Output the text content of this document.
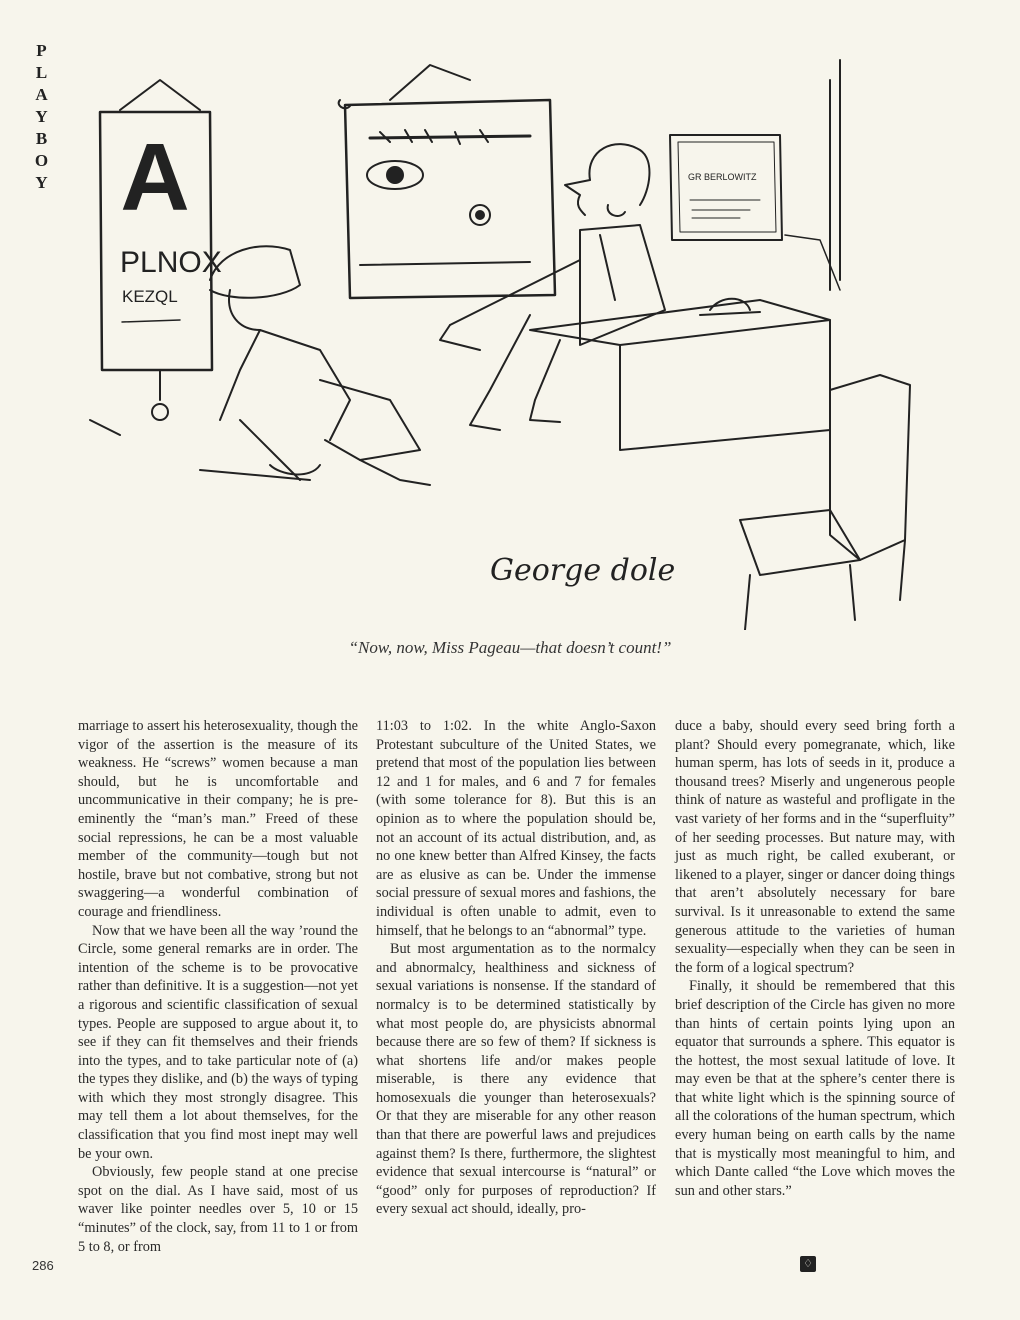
P
L
A
Y
B
O
Y A
PLNOX
KEZQL
GR BERLOWITZ
George dole
“Now, now, Miss Pageau—that doesn’t count!”

marriage to assert his heterosexuality, though the vigor of the assertion is the measure of its weakness. He “screws” women because a man should, but he is uncomfortable and uncommunicative in their company; he is pre-eminently the “man’s man.” Freed of these social repressions, he can be a most valuable member of the community—tough but not hostile, brave but not combative, strong but not swaggering—a wonderful combination of courage and friendliness.

Now that we have been all the way ’round the Circle, some general remarks are in order. The intention of the scheme is to be provocative rather than definitive. It is a suggestion—not yet a rigorous and scientific classification of sexual types. People are supposed to argue about it, to see if they can fit themselves and their friends into the types, and to take particular note of (a) the types they dislike, and (b) the ways of typing with which they most strongly disagree. This may tell them a lot about themselves, for the classification that you find most inept may well be your own.

Obviously, few people stand at one precise spot on the dial. As I have said, most of us waver like pointer needles over 5, 10 or 15 “minutes” of the clock, say, from 11 to 1 or from 5 to 8, or from

11:03 to 1:02. In the white Anglo-Saxon Protestant subculture of the United States, we pretend that most of the population lies between 12 and 1 for males, and 6 and 7 for females (with some tolerance for 8). But this is an opinion as to where the population should be, not an account of its actual distribution, and, as no one knew better than Alfred Kinsey, the facts are as elusive as can be. Under the immense social pressure of sexual mores and fashions, the individual is often unable to admit, even to himself, that he belongs to an “abnormal” type.

But most argumentation as to the normalcy and abnormalcy, healthiness and sickness of sexual variations is nonsense. If the standard of normalcy is to be determined statistically by what most people do, are physicists abnormal because there are so few of them? If sickness is what shortens life and/or makes people miserable, is there any evidence that homosexuals die younger than heterosexuals? Or that they are miserable for any other reason than that there are powerful laws and prejudices against them? Is there, furthermore, the slightest evidence that sexual intercourse is “natural” or “good” only for purposes of reproduction? If every sexual act should, ideally, pro-

duce a baby, should every seed bring forth a plant? Should every pomegranate, which, like human sperm, has lots of seeds in it, produce a thousand trees? Miserly and ungenerous people think of nature as wasteful and profligate in the vast variety of her forms and in the “superfluity” of her seeding processes. But nature may, with just as much right, be called exuberant, or likened to a player, singer or dancer doing things that aren’t absolutely necessary for bare survival. Is it unreasonable to extend the same generous attitude to the varieties of human sexuality—especially when they can be seen in the form of a logical spectrum?

Finally, it should be remembered that this brief description of the Circle has given no more than hints of certain points lying upon an equator that surrounds a sphere. This equator is the hottest, the most sexual latitude of love. It may even be that at the sphere’s center there is that white light which is the spinning source of all the colorations of the human spectrum, which every human being on earth calls by the name that is mystically most meaningful to him, and which Dante called “the Love which moves the sun and other stars.”

286	♢
